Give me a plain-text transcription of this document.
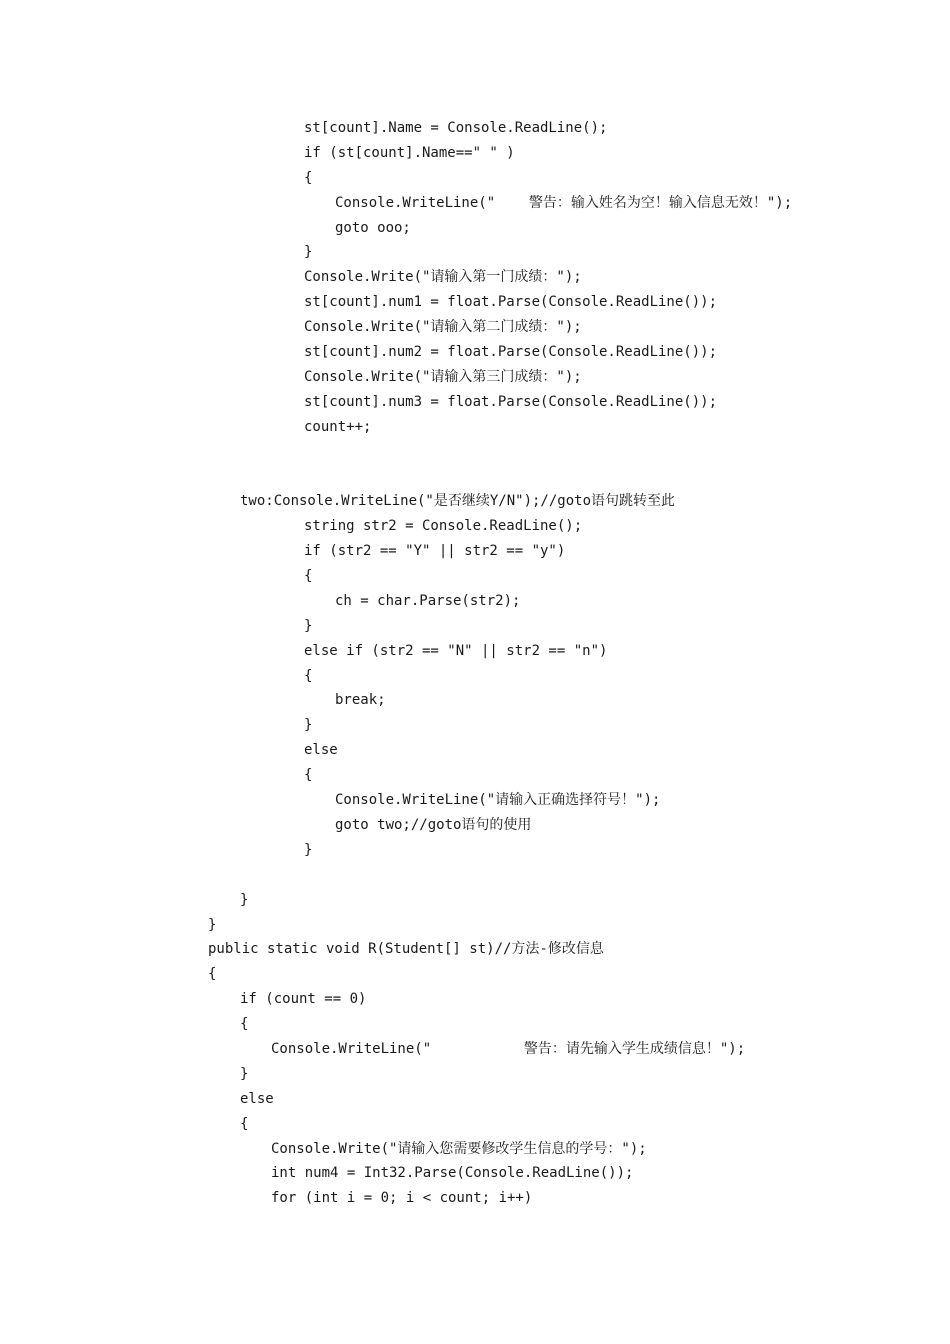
st[count].Name = Console.ReadLine();
if (st[count].Name==" " )
{
Console.WriteLine("    警告：输入姓名为空！输入信息无效！");
goto ooo;
}
Console.Write("请输入第一门成绩：");
st[count].num1 = float.Parse(Console.ReadLine());
Console.Write("请输入第二门成绩：");
st[count].num2 = float.Parse(Console.ReadLine());
Console.Write("请输入第三门成绩：");
st[count].num3 = float.Parse(Console.ReadLine());
count++;
two:Console.WriteLine("是否继续Y/N");//goto语句跳转至此
string str2 = Console.ReadLine();
if (str2 == "Y" || str2 == "y")
{
ch = char.Parse(str2);
}
else if (str2 == "N" || str2 == "n")
{
break;
}
else
{
Console.WriteLine("请输入正确选择符号！");
goto two;//goto语句的使用
}
}
}
public static void R(Student[] st)//方法-修改信息
{
if (count == 0)
{
Console.WriteLine("           警告：请先输入学生成绩信息！");
}
else
{
Console.Write("请输入您需要修改学生信息的学号：");
int num4 = Int32.Parse(Console.ReadLine());
for (int i = 0; i < count; i++)
